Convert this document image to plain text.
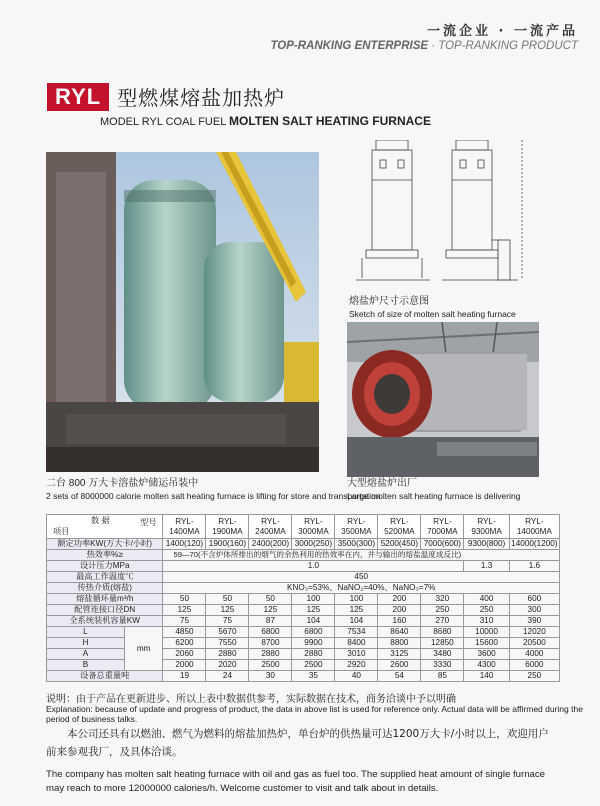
一流企业 · 一流产品
TOP-RANKING ENTERPRISE · TOP-RANKING PRODUCT
RYL 型燃煤熔盐加热炉
MODEL RYL COAL FUEL MOLTEN SALT HEATING FURNACE
二台 800 万大卡溶盐炉储运吊装中
2 sets of 8000000 calorie molten salt heating furnace is lifting for store and transportation
熔盐炉尺寸示意图
Sketch of size of molten salt heating furnace
大型熔盐炉出厂
Large molten salt heating furnace is delivering
数 据 型号
项目		RYL-1400MA	RYL-1900MA	RYL-2400MA	RYL-3000MA	RYL-3500MA	RYL-5200MA	RYL-7000MA	RYL-9300MA	RYL-14000MA
额定功率KW(万大卡/小时)		1400(120)	1900(160)	2400(200)	3000(250)	3500(300)	5200(450)	7000(600)	9300(800)	14000(1200)
热效率%≥		59—70(不含炉体所排出的烟气的余热利用的热效率在内，并与输出的熔盐温度成反比)								
设计压力MPa		1.0							1.3	1.6
最高工作温度℃		450								
传热介质(熔盐)		KNO₃=53%、NaNO₂=40%、NaNO₃=7%								
熔盐循环量m³/h		50	50	50	100	100	200	320	400	600
配管连接口径DN		125	125	125	125	125	200	250	250	300
全系统装机容量KW		75	75	87	104	104	160	270	310	390
L	mm	4850	5670	6800	6800	7534	8640	8680	10000	12020
H		6200	7550	8700	9900	8400	8800	12850	15600	20500
A		2060	2880	2880	2880	3010	3125	3480	3600	4000
B		2000	2020	2500	2500	2920	2600	3330	4300	6000
设备总重量吨		19	24	30	35	40	54	85	140	250
说明：由于产品在更新进步、所以上表中数据供参考，实际数据在技术，商务洽谈中予以明确
Explanation: because of update and progress of product, the data in above list is used for reference only. Actual data will be affirmed during the period of business talks.
本公司还具有以燃油、燃气为燃料的熔盐加热炉，单台炉的供热量可达1200万大卡/小时以上，欢迎用户前来参观我厂，及具体洽谈。
The company has molten salt heating furnace with oil and gas as fuel too. The supplied heat amount of single furnace may reach to more 12000000 calories/h. Welcome customer to visit and talk about in details.
